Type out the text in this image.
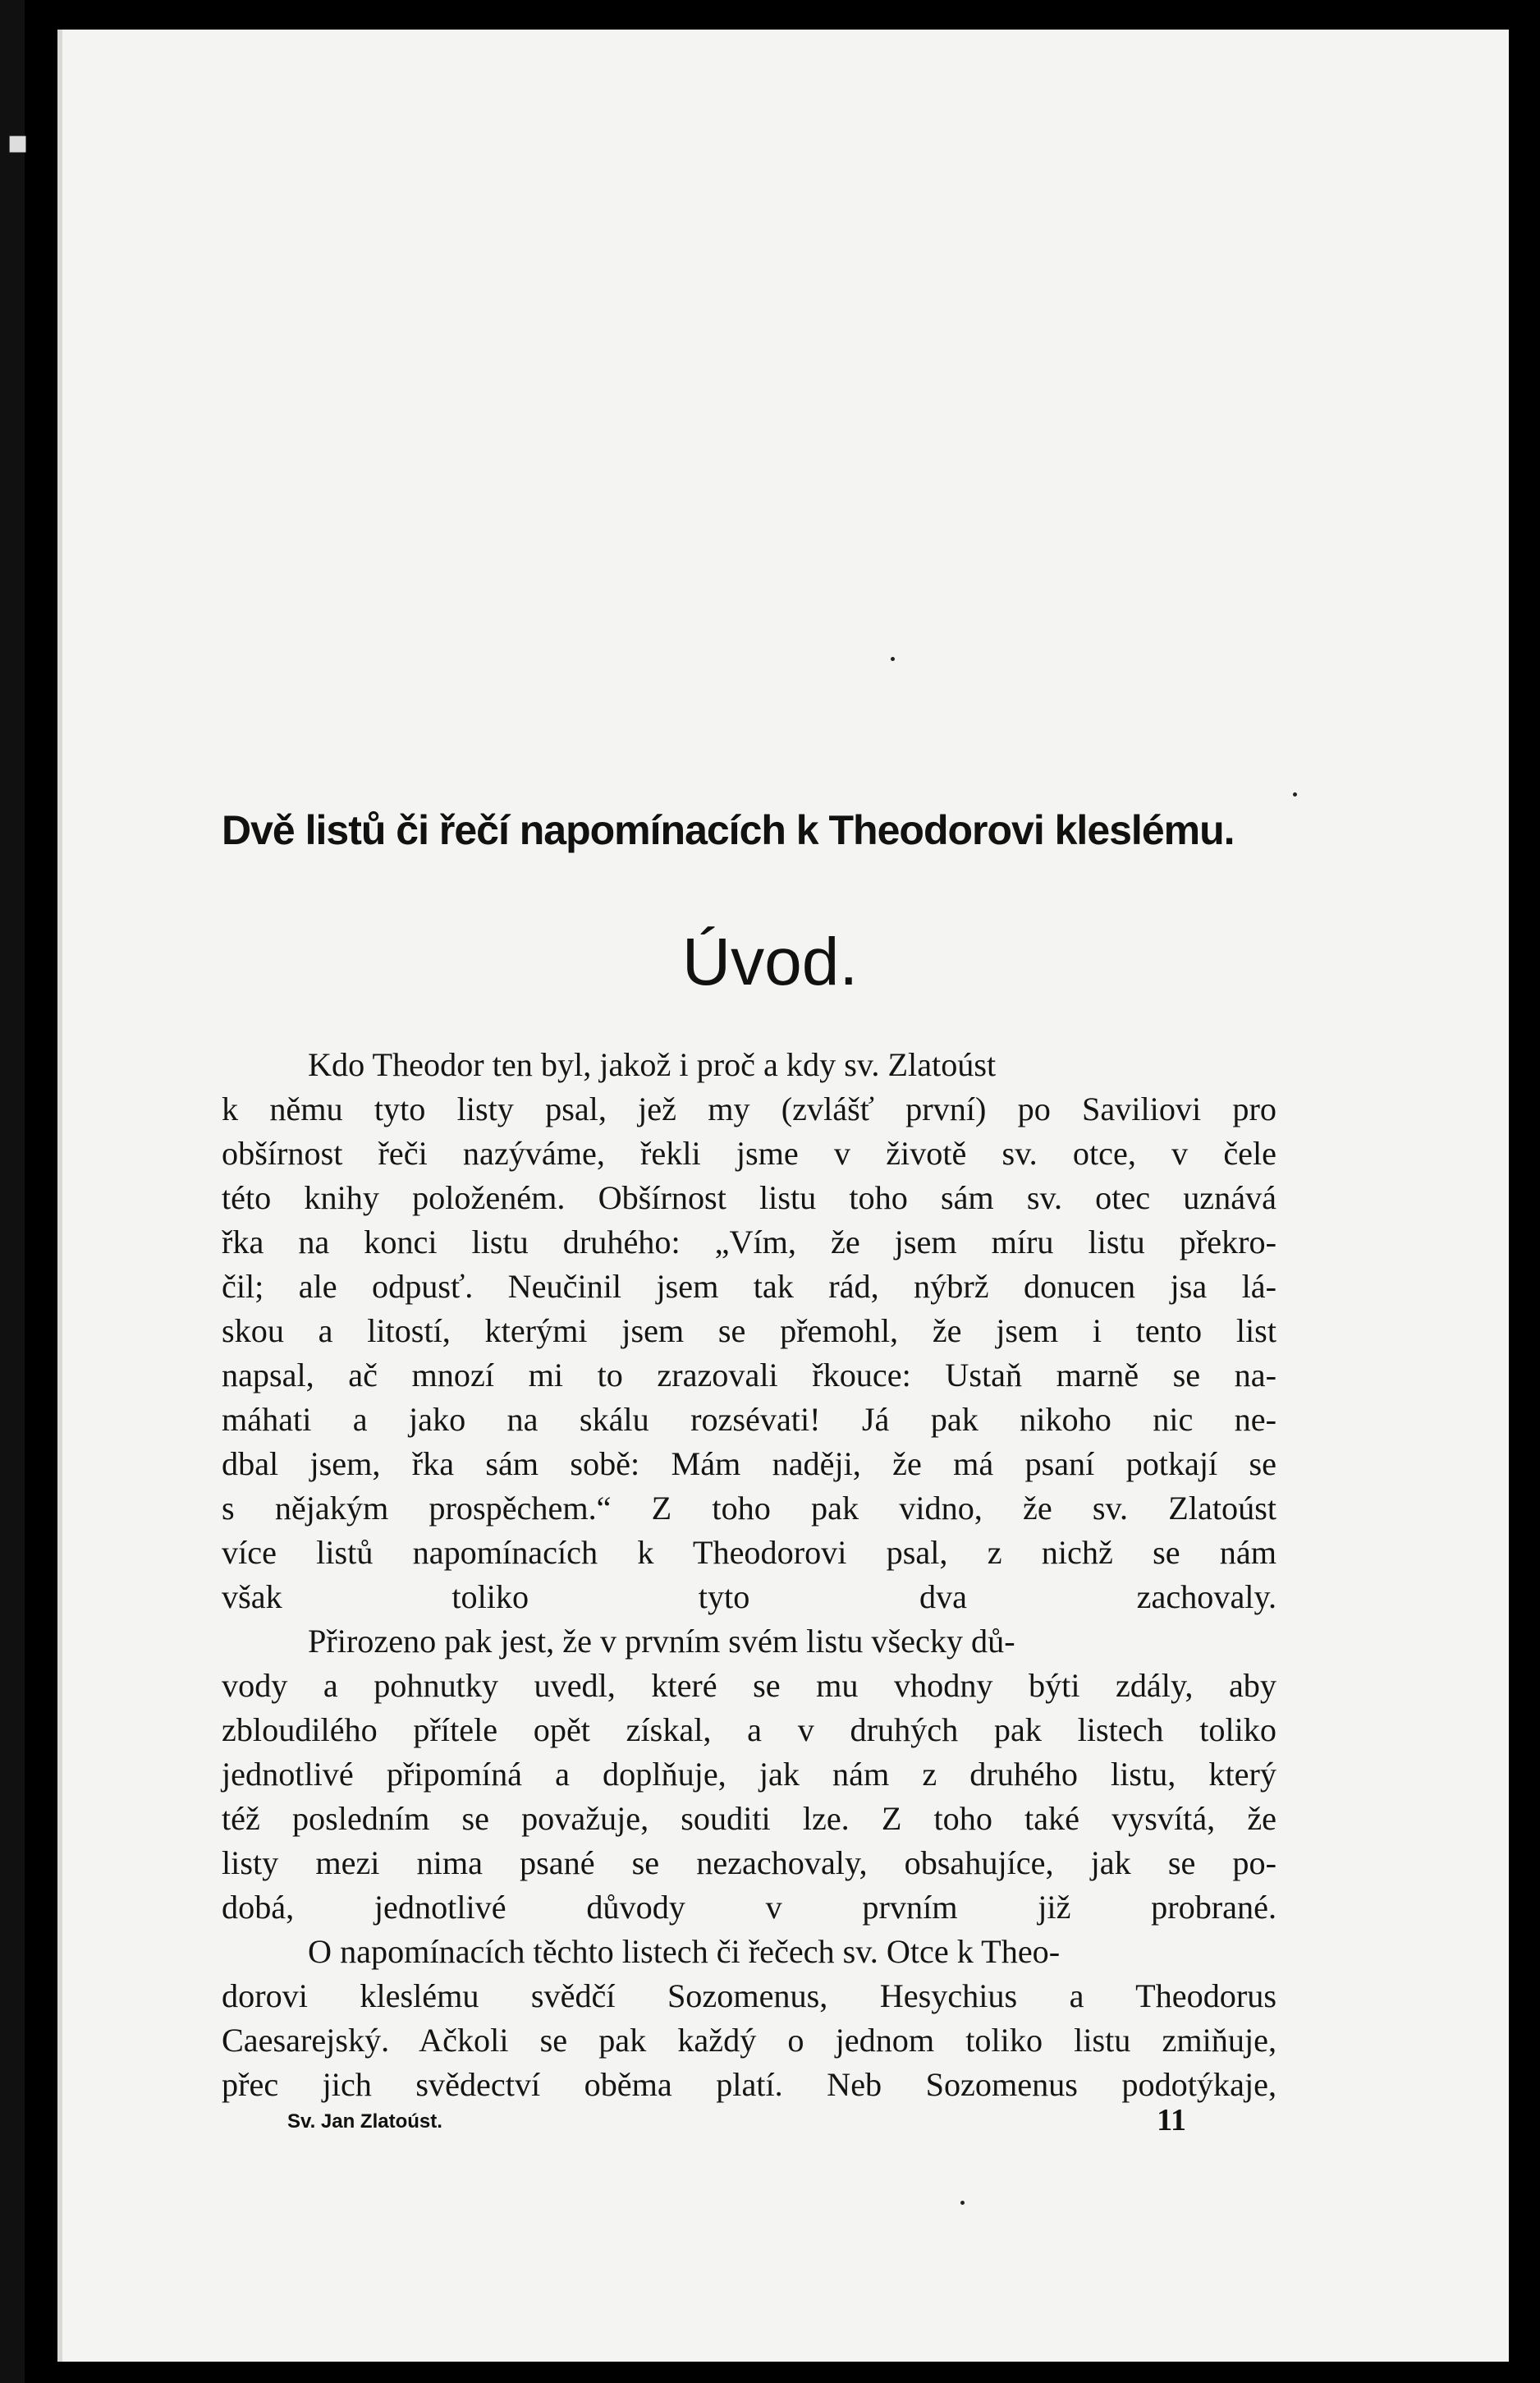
▪
Dvě listů či řečí napomínacích k Theodorovi kleslému.
Úvod.

Kdo Theodor ten byl, jakož i proč a kdy sv. Zlatoúst
k němu tyto listy psal, jež my (zvlášť první) po Saviliovi pro
obšírnost řeči nazýváme, řekli jsme v životě sv. otce, v čele
této knihy položeném. Obšírnost listu toho sám sv. otec uznává
řka na konci listu druhého: „Vím, že jsem míru listu překro-
čil; ale odpusť. Neučinil jsem tak rád, nýbrž donucen jsa lá-
skou a litostí, kterými jsem se přemohl, že jsem i tento list
napsal, ač mnozí mi to zrazovali řkouce: Ustaň marně se na-
máhati a jako na skálu rozsévati! Já pak nikoho nic ne-
dbal jsem, řka sám sobě: Mám naději, že má psaní potkají se
s nějakým prospěchem.“ Z toho pak vidno, že sv. Zlatoúst
více listů napomínacích k Theodorovi psal, z nichž se nám
však toliko tyto dva zachovaly.

Přirozeno pak jest, že v prvním svém listu všecky dů-
vody a pohnutky uvedl, které se mu vhodny býti zdály, aby
zbloudilého přítele opět získal, a v druhých pak listech toliko
jednotlivé připomíná a doplňuje, jak nám z druhého listu, který
též posledním se považuje, souditi lze. Z toho také vysvítá, že
listy mezi nima psané se nezachovaly, obsahujíce, jak se po-
dobá, jednotlivé důvody v prvním již probrané.

O napomínacích těchto listech či řečech sv. Otce k Theo-
dorovi kleslému svědčí Sozomenus, Hesychius a Theodorus
Caesarejský. Ačkoli se pak každý o jednom toliko listu zmiňuje,
přec jich svědectví oběma platí. Neb Sozomenus podotýkaje,

Sv. Jan Zlatoúst.	11
